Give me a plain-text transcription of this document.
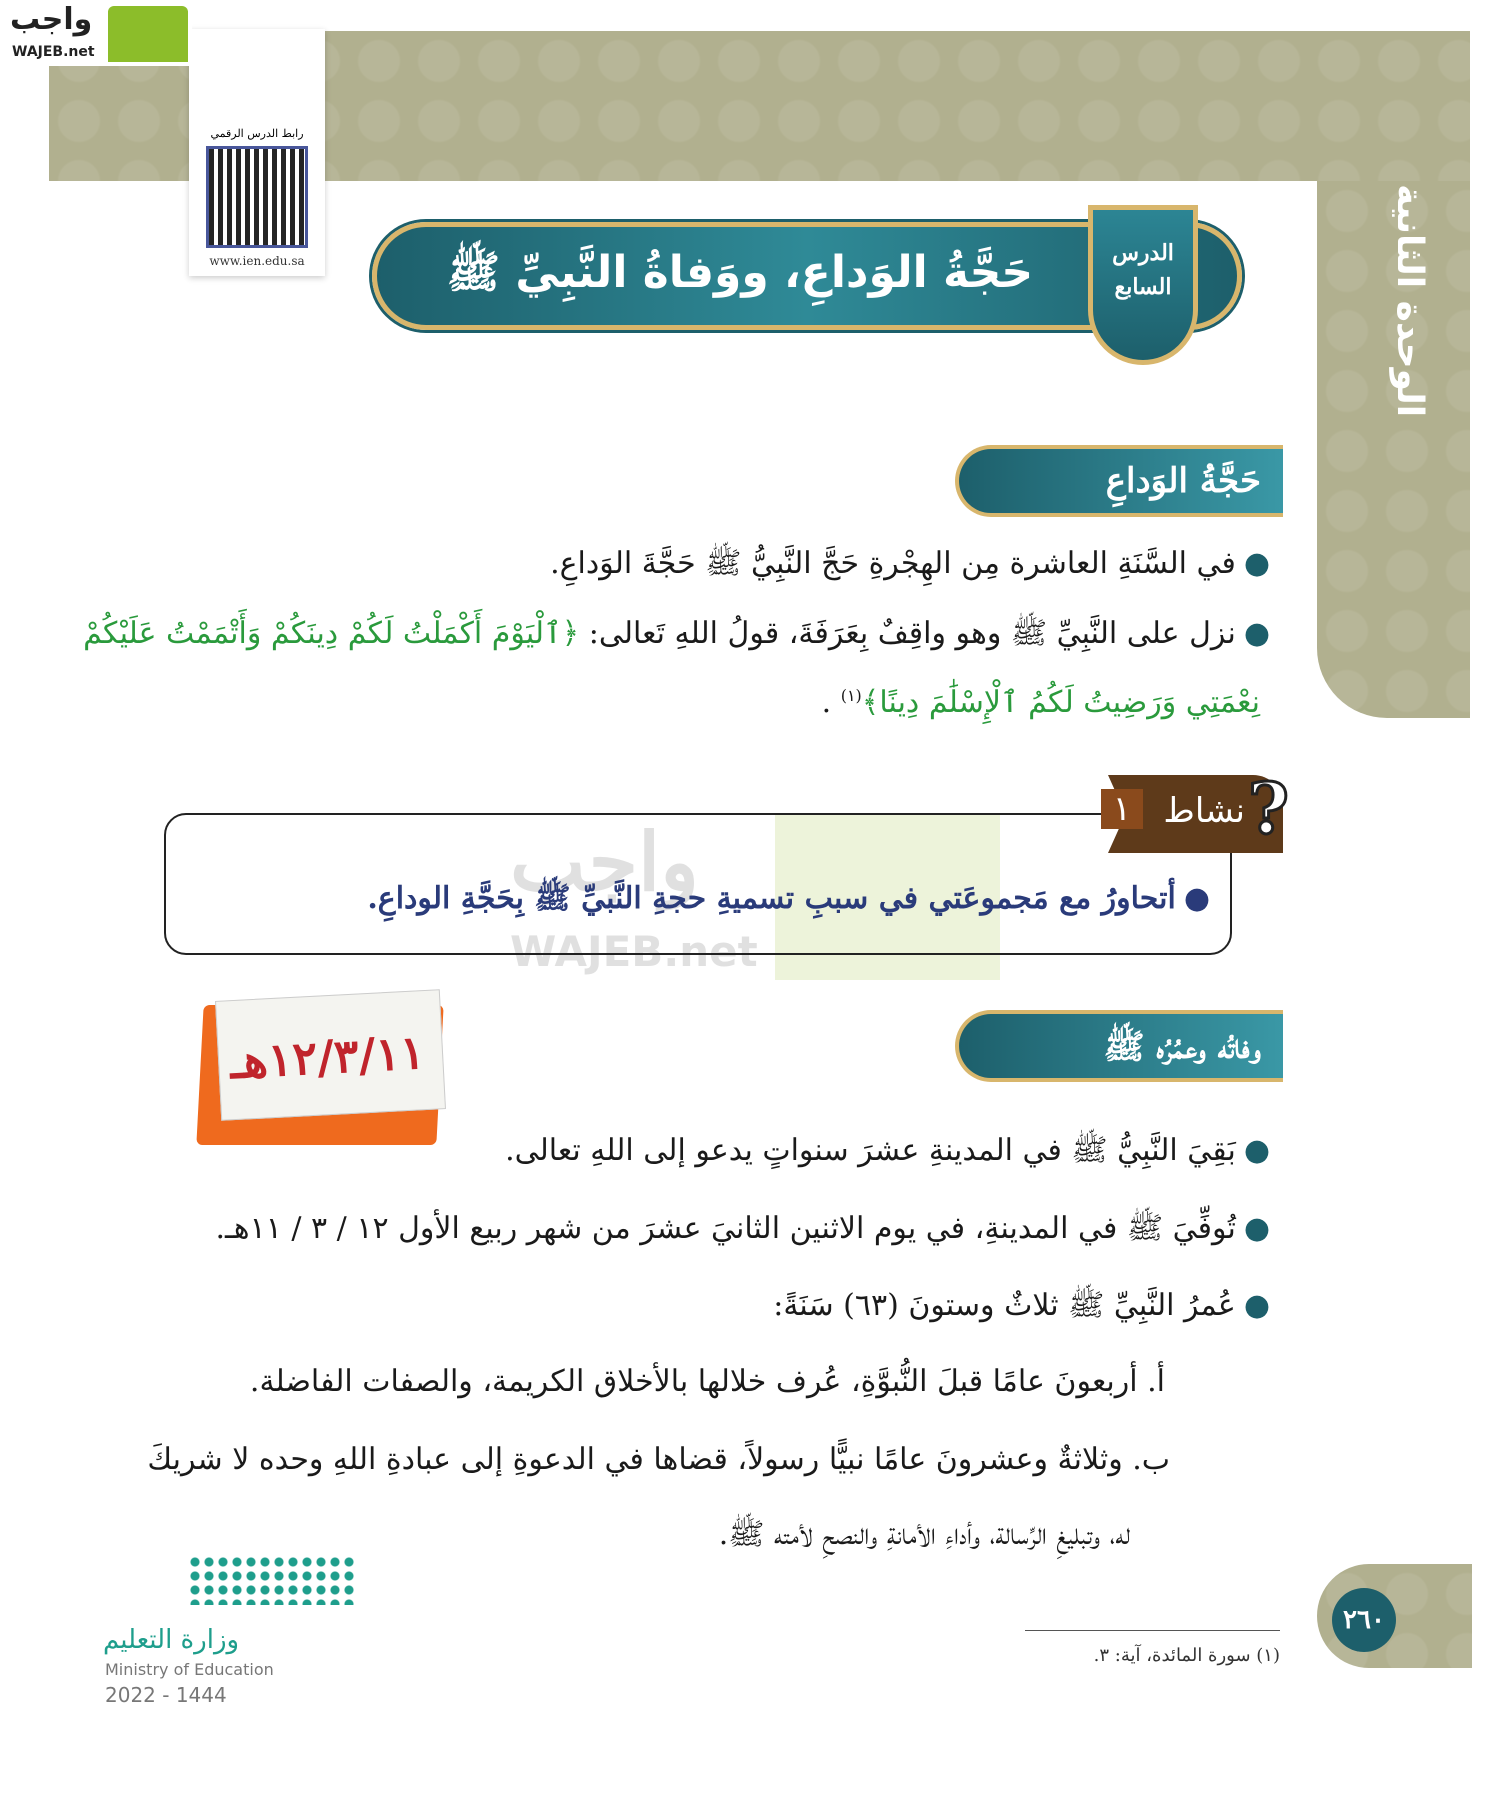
الوحدة الثانية
واجب
WAJEB.net
رابط الدرس الرقمي
www.ien.edu.sa	حَجَّةُ الوَداعِ، ووَفاةُ النَّبِيِّ ﷺ	الدرس
السابع
حَجَّةُ الوَداعِ
●في السَّنَةِ العاشرة مِن الهِجْرةِ حَجَّ النَّبِيُّ ﷺ حَجَّةَ الوَداعِ.
●نزل على النَّبِيِّ ﷺ وهو واقِفٌ بِعَرَفَةَ، قولُ اللهِ تَعالى: ﴿ٱلْيَوْمَ أَكْمَلْتُ لَكُمْ دِينَكُمْ وَأَتْمَمْتُ عَلَيْكُمْ
نِعْمَتِي وَرَضِيتُ لَكُمُ ٱلْإِسْلَٰمَ دِينًا﴾$^{(١)}$ .
واجب
WAJEB.net
?
نشاط
١
●أتحاورُ مع مَجموعَتي في سببِ تسميةِ حجةِ النَّبيِّ ﷺ بِحَجَّةِ الوداعِ.
١٢/٣/١١هـ	وفاتُه وعمُرُه ﷺ
●بَقِيَ النَّبِيُّ ﷺ في المدينةِ عشرَ سنواتٍ يدعو إلى اللهِ تعالى.
●تُوفِّيَ ﷺ في المدينةِ، في يوم الاثنين الثانيَ عشرَ من شهر ربيع الأول ١٢ / ٣ / ١١هـ.
●عُمرُ النَّبِيِّ ﷺ ثلاثٌ وستونَ (٦٣) سَنَةً:
أ. أربعونَ عامًا قبلَ النُّبوَّةِ، عُرف خلالها بالأخلاق الكريمة، والصفات الفاضلة.
ب. وثلاثةٌ وعشرونَ عامًا نبيًّا رسولاً، قضاها في الدعوةِ إلى عبادةِ اللهِ وحده لا شريكَ
له، وتبليغِ الرِّسالة، وأداءِ الأمانةِ والنصحِ لأمته ﷺ.
٢٦٠
(١) سورة المائدة، آية: ٣.
وزارة التعليم
Ministry of Education
2022 - 1444
